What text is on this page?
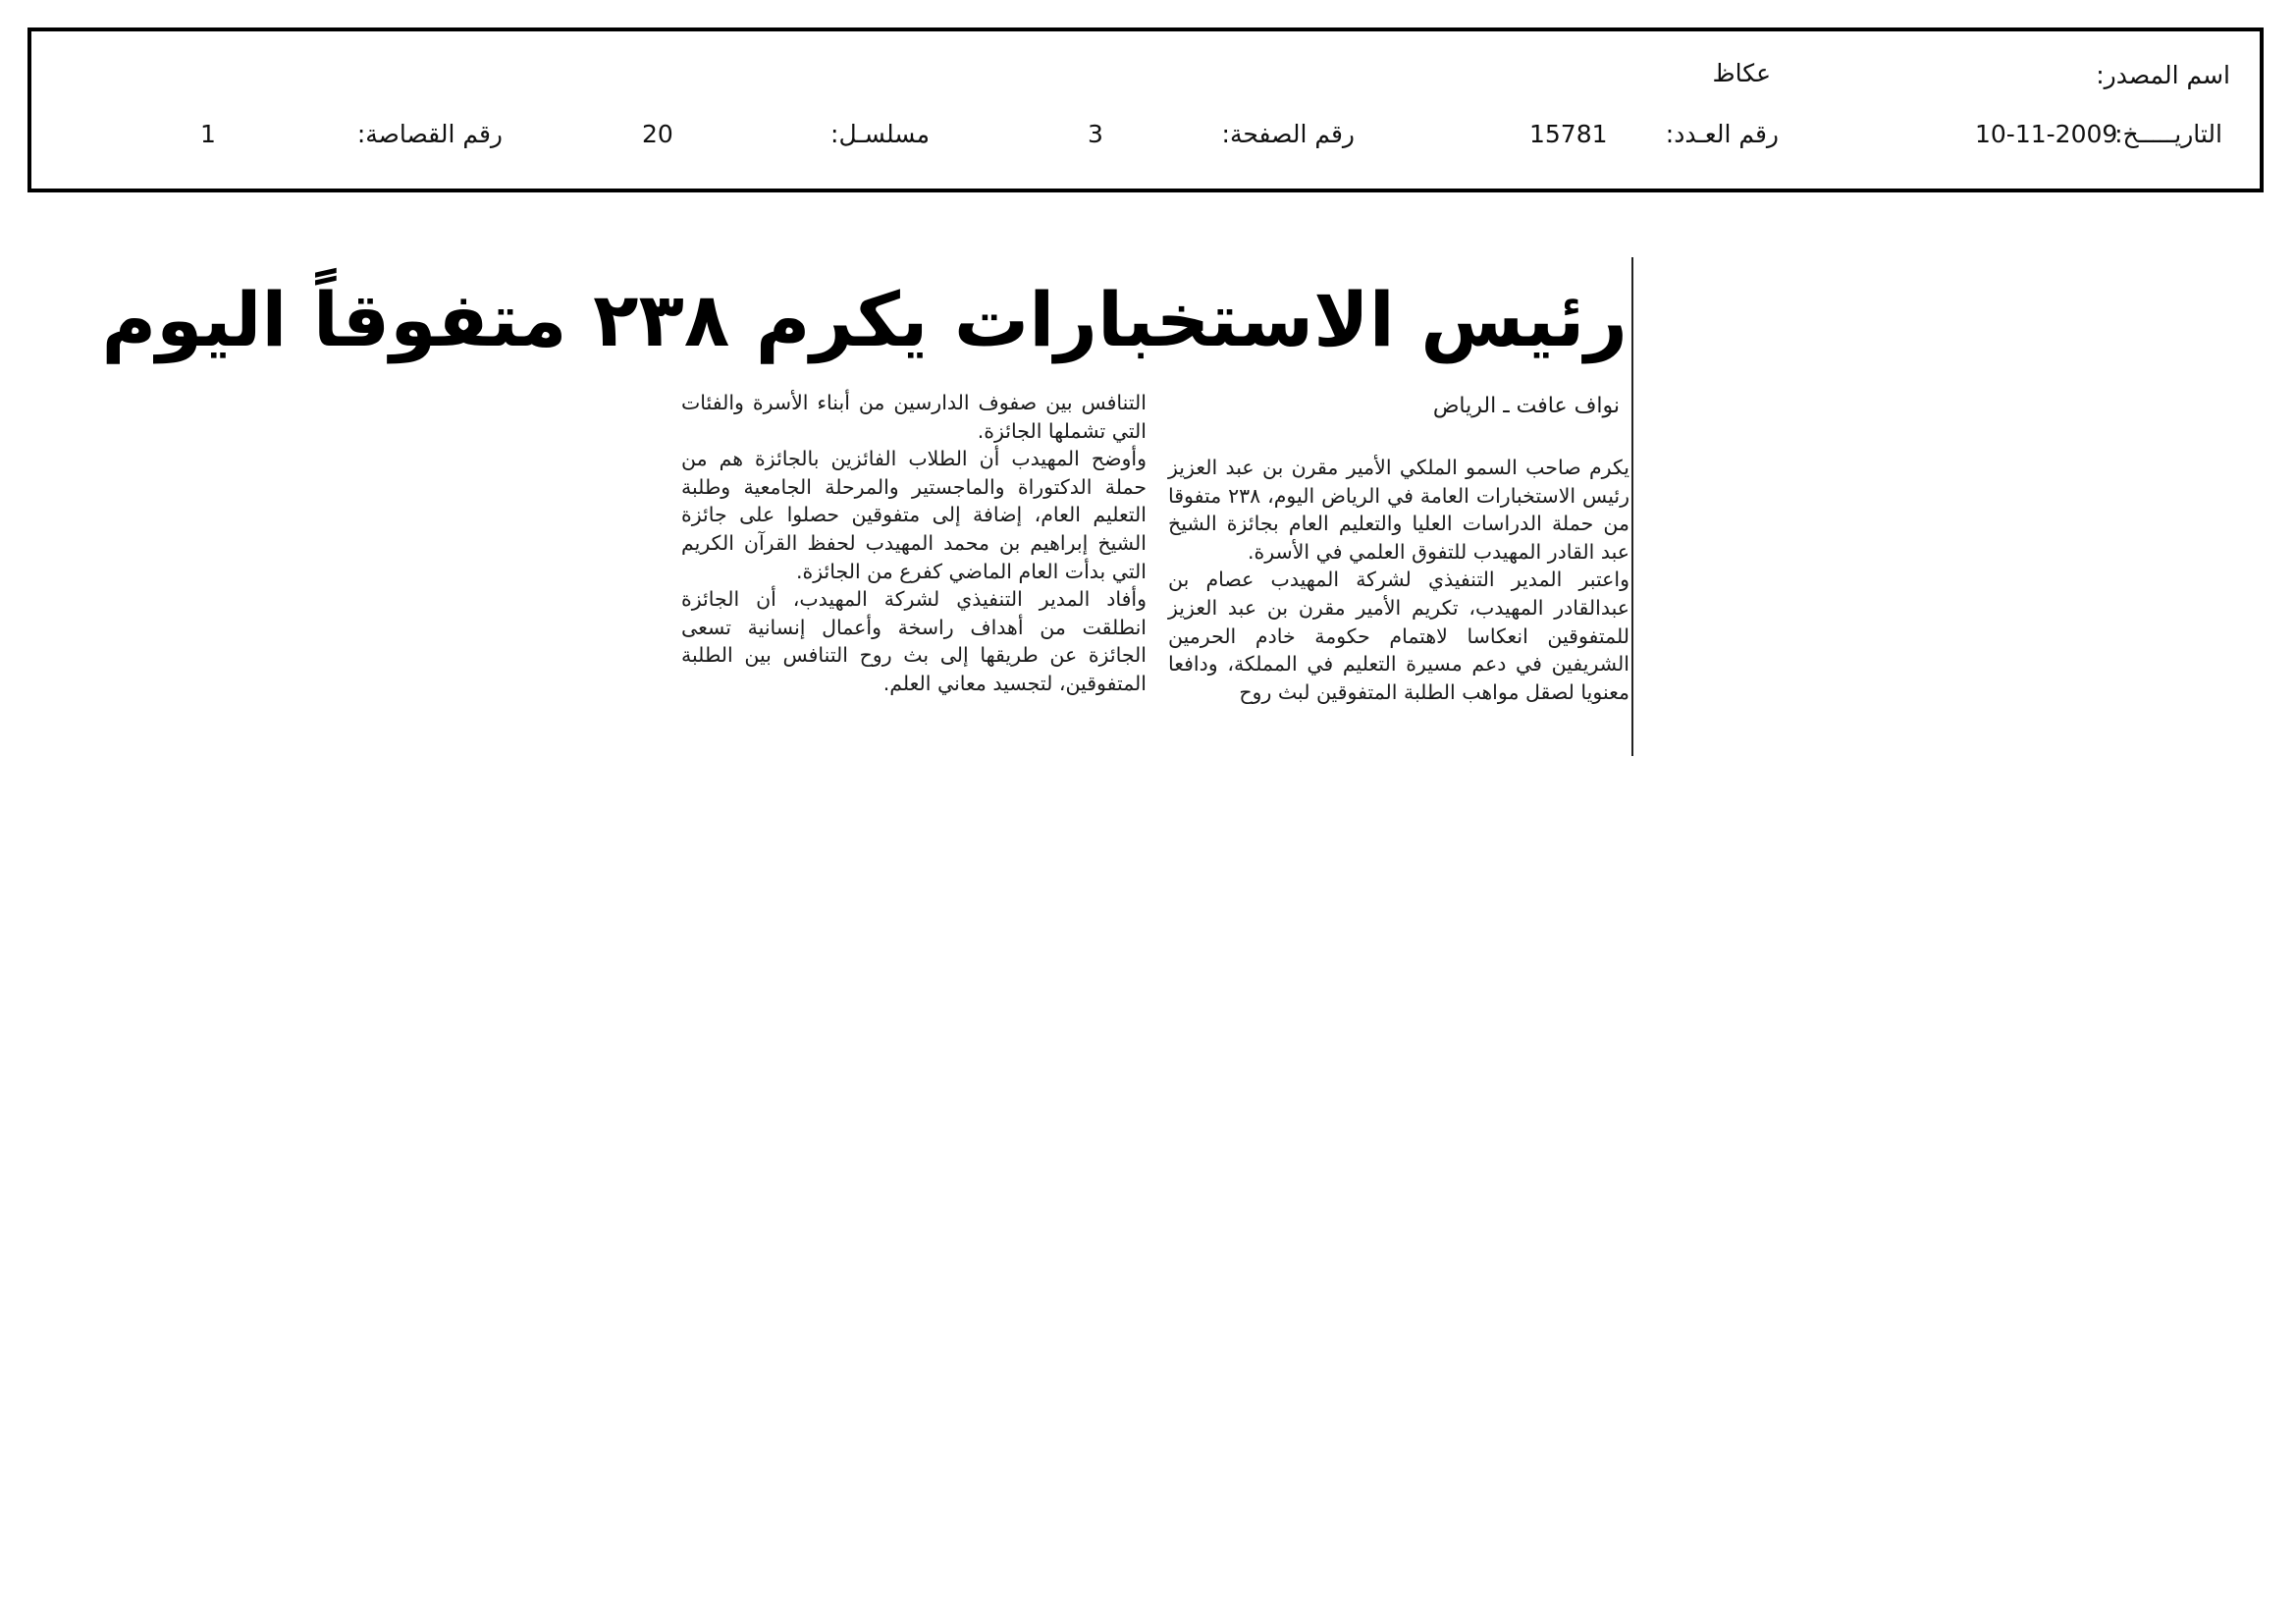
اسم المصدر:
عكاظ
التاريـــــخ:
10-11-2009
رقم العـدد:
15781
رقم الصفحة:
3
مسلسـل:
20
رقم القصاصة:
1
رئيس الاستخبارات يكرم ٢٣٨ متفوقاً اليوم
نواف عافت ـ الرياض

يكرم صاحب السمو الملكي الأمير مقرن بن عبد العزيز رئيس الاستخبارات العامة في الرياض اليوم، ٢٣٨ متفوقا من حملة الدراسات العليا والتعليم العام بجائزة الشيخ عبد القادر المهيدب للتفوق العلمي في الأسرة.

واعتبر المدير التنفيذي لشركة المهيدب عصام بن عبدالقادر المهيدب، تكريم الأمير مقرن بن عبد العزيز للمتفوقين انعكاسا لاهتمام حكومة خادم الحرمين الشريفين في دعم مسيرة التعليم في المملكة، ودافعا معنويا لصقل مواهب الطلبة المتفوقين لبث روح

التنافس بين صفوف الدارسين من أبناء الأسرة والفئات التي تشملها الجائزة.

وأوضح المهيدب أن الطلاب الفائزين بالجائزة هم من حملة الدكتوراة والماجستير والمرحلة الجامعية وطلبة التعليم العام، إضافة إلى متفوقين حصلوا على جائزة الشيخ إبراهيم بن محمد المهيدب لحفظ القرآن الكريم التي بدأت العام الماضي كفرع من الجائزة.

وأفاد المدير التنفيذي لشركة المهيدب، أن الجائزة انطلقت من أهداف راسخة وأعمال إنسانية تسعى الجائزة عن طريقها إلى بث روح التنافس بين الطلبة المتفوقين، لتجسيد معاني العلم.
